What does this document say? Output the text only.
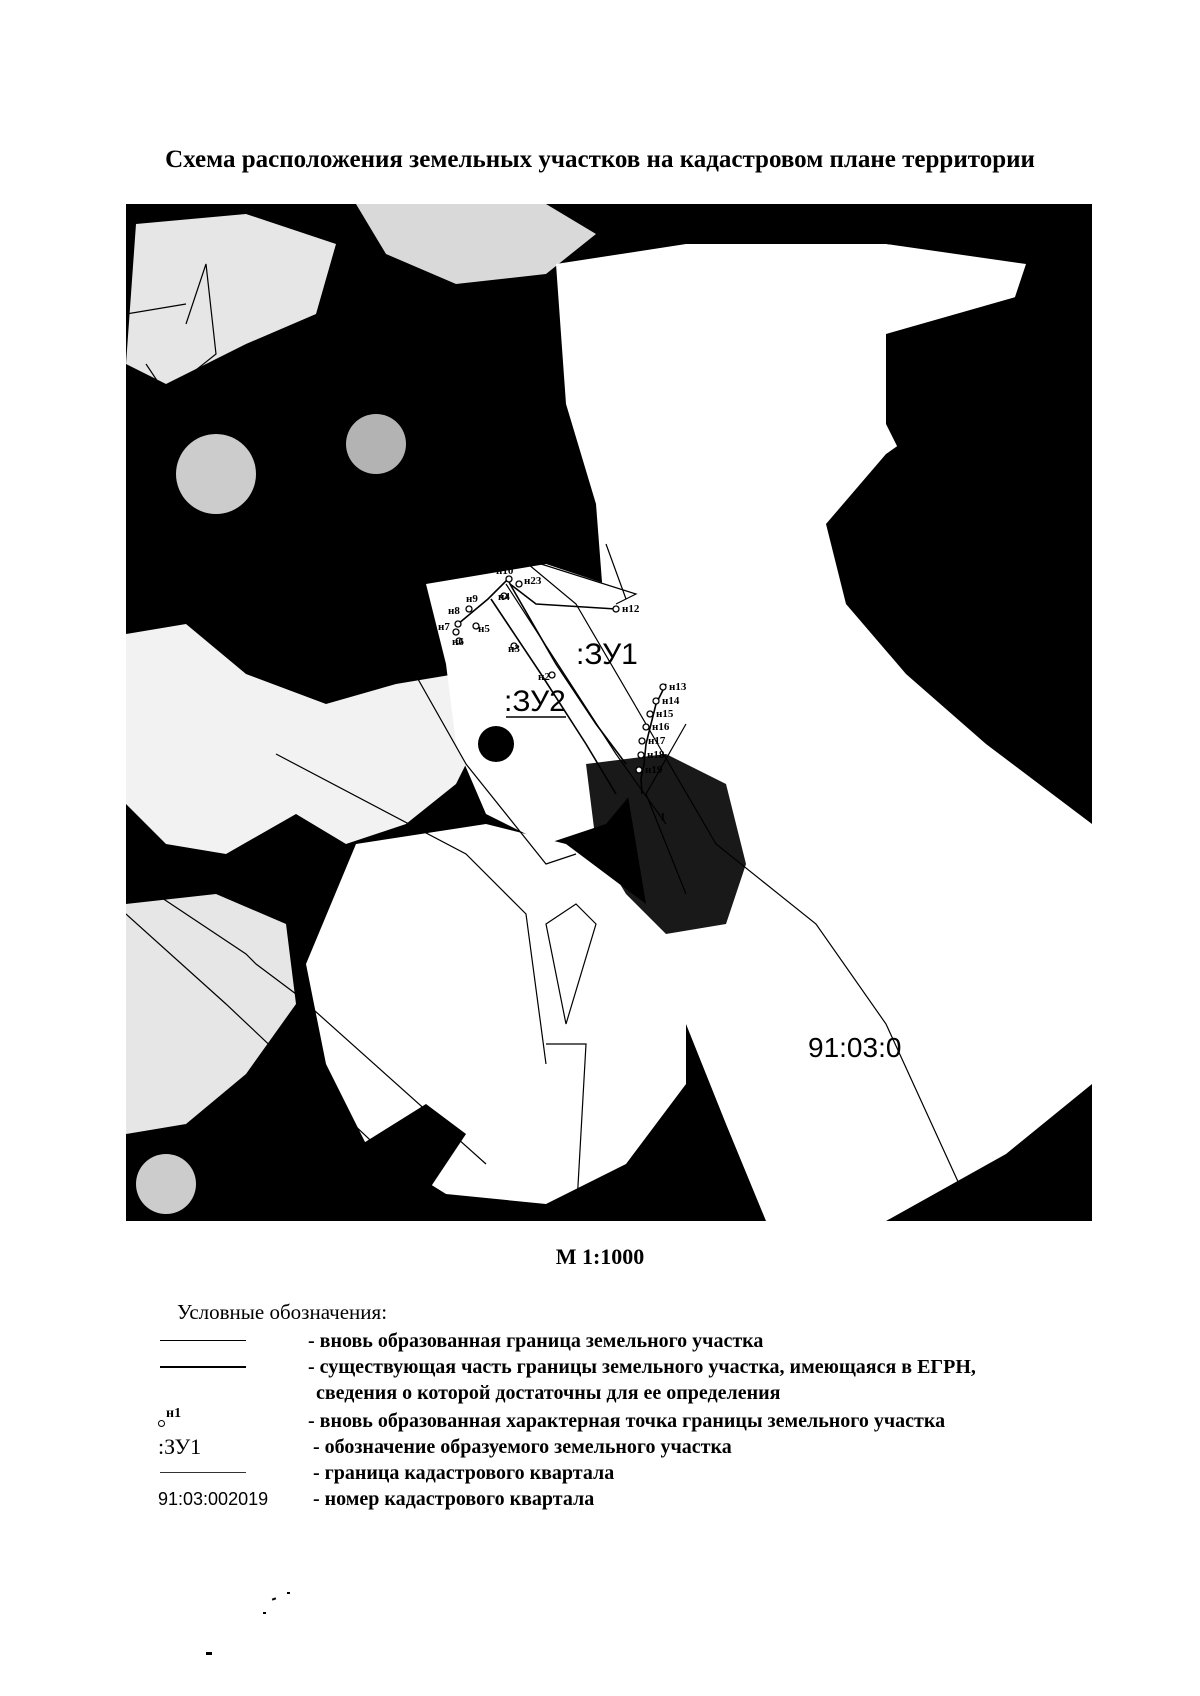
Схема расположения земельных участков на кадастровом плане территории
:ЗУ1
:ЗУ2
н10
н23
н9
н8
н4
н7	н5
н6
н12
н3
н2
н13
н14
н15
н16
н17
н18
н19
1
91:03:0
М 1:1000
Условные обозначения:
- вновь образованная граница земельного участка
- существующая часть границы земельного участка, имеющаяся в ЕГРН,
сведения о которой достаточны для ее определения
н1	- вновь образованная характерная точка границы земельного участка
:ЗУ1	- обозначение образуемого земельного участка
- граница кадастрового квартала
91:03:002019 - номер кадастрового квартала
